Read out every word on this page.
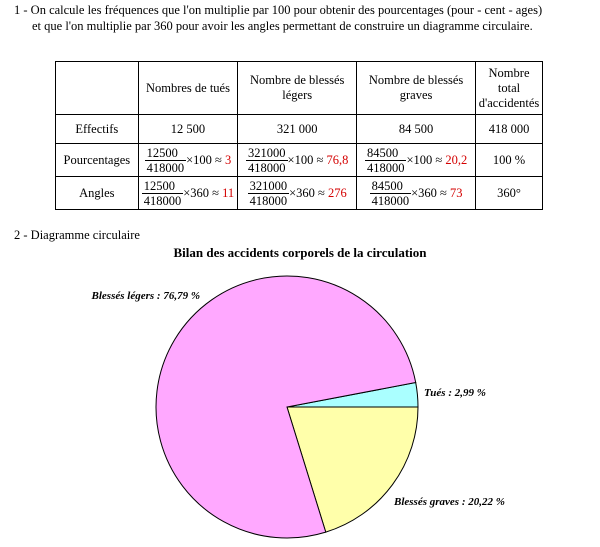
1 - On calcule les fréquences que l'on multiplie par 100 pour obtenir des pourcentages (pour - cent - ages)
et que l'on multiplie par 360 pour avoir les angles permettant de construire un diagramme circulaire.
	Nombres de tués	Nombre de blessés légers	Nombre de blessés graves	Nombre total d'accidentés
Effectifs	12 500	321 000	84 500	418 000
Pourcentages	$\frac{12500}{418000} \times 100 \approx 3$	$\frac{321000}{418000} \times 100 \approx 76,8$	$\frac{84500}{418000} \times 100 \approx 20,2$	100 %
Angles	$\frac{12500}{418000} \times 360 \approx 11$	$\frac{321000}{418000} \times 360 \approx 276$	$\frac{84500}{418000} \times 360 \approx 73$	360°
2 - Diagramme circulaire
Bilan des accidents corporels de la circulation
Tués : 2,99 %
Blessés graves : 20,22 %
Blessés légers : 76,79 %
